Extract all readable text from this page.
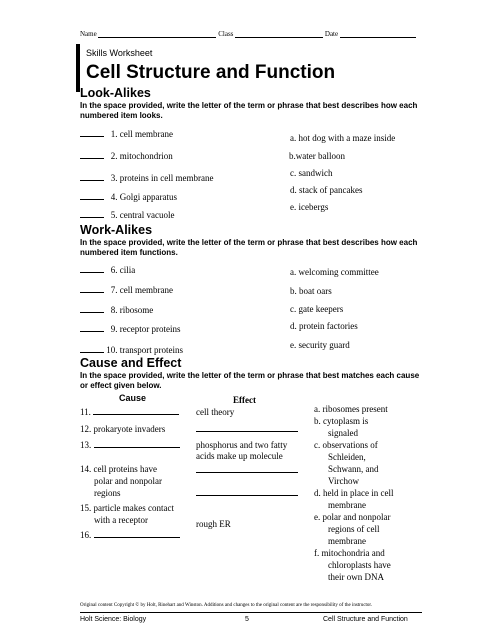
Name	Class	Date
Skills Worksheet
Cell Structure and Function
Look-Alikes
In the space provided, write the letter of the term or phrase that best describes how each numbered item looks.
1. cell membrane
2. mitochondrion
3. proteins in cell membrane
4. Golgi apparatus
5. central vacuole
a. hot dog with a maze inside
b.water balloon
c. sandwich
d. stack of pancakes
e. icebergs
Work-Alikes
In the space provided, write the letter of the term or phrase that best describes how each numbered item functions.
6. cilia
7. cell membrane
8. ribosome
9. receptor proteins
10. transport proteins
a. welcoming committee
b. boat oars
c. gate keepers
d. protein factories
e. security guard
Cause and Effect
In the space provided, write the letter of the term or phrase that best matches each cause or effect given below.
Cause	Effect
11.
12. prokaryote invaders
13.
14. cell proteins have
polar and nonpolar
regions
15. particle makes contact
with a receptor
16.
cell theory
phosphorus and two fatty
acids make up molecule
rough ER
a. ribosomes present
b. cytoplasm is
signaled
c. observations of
Schleiden,
Schwann, and
Virchow
d. held in place in cell
membrane
e. polar and nonpolar
regions of cell
membrane
f. mitochondria and
chloroplasts have
their own DNA
Original content Copyright © by Holt, Rinehart and Winston. Additions and changes to the original content are the responsibility of the instructor.
Holt Science: Biology	5	Cell Structure and Function
